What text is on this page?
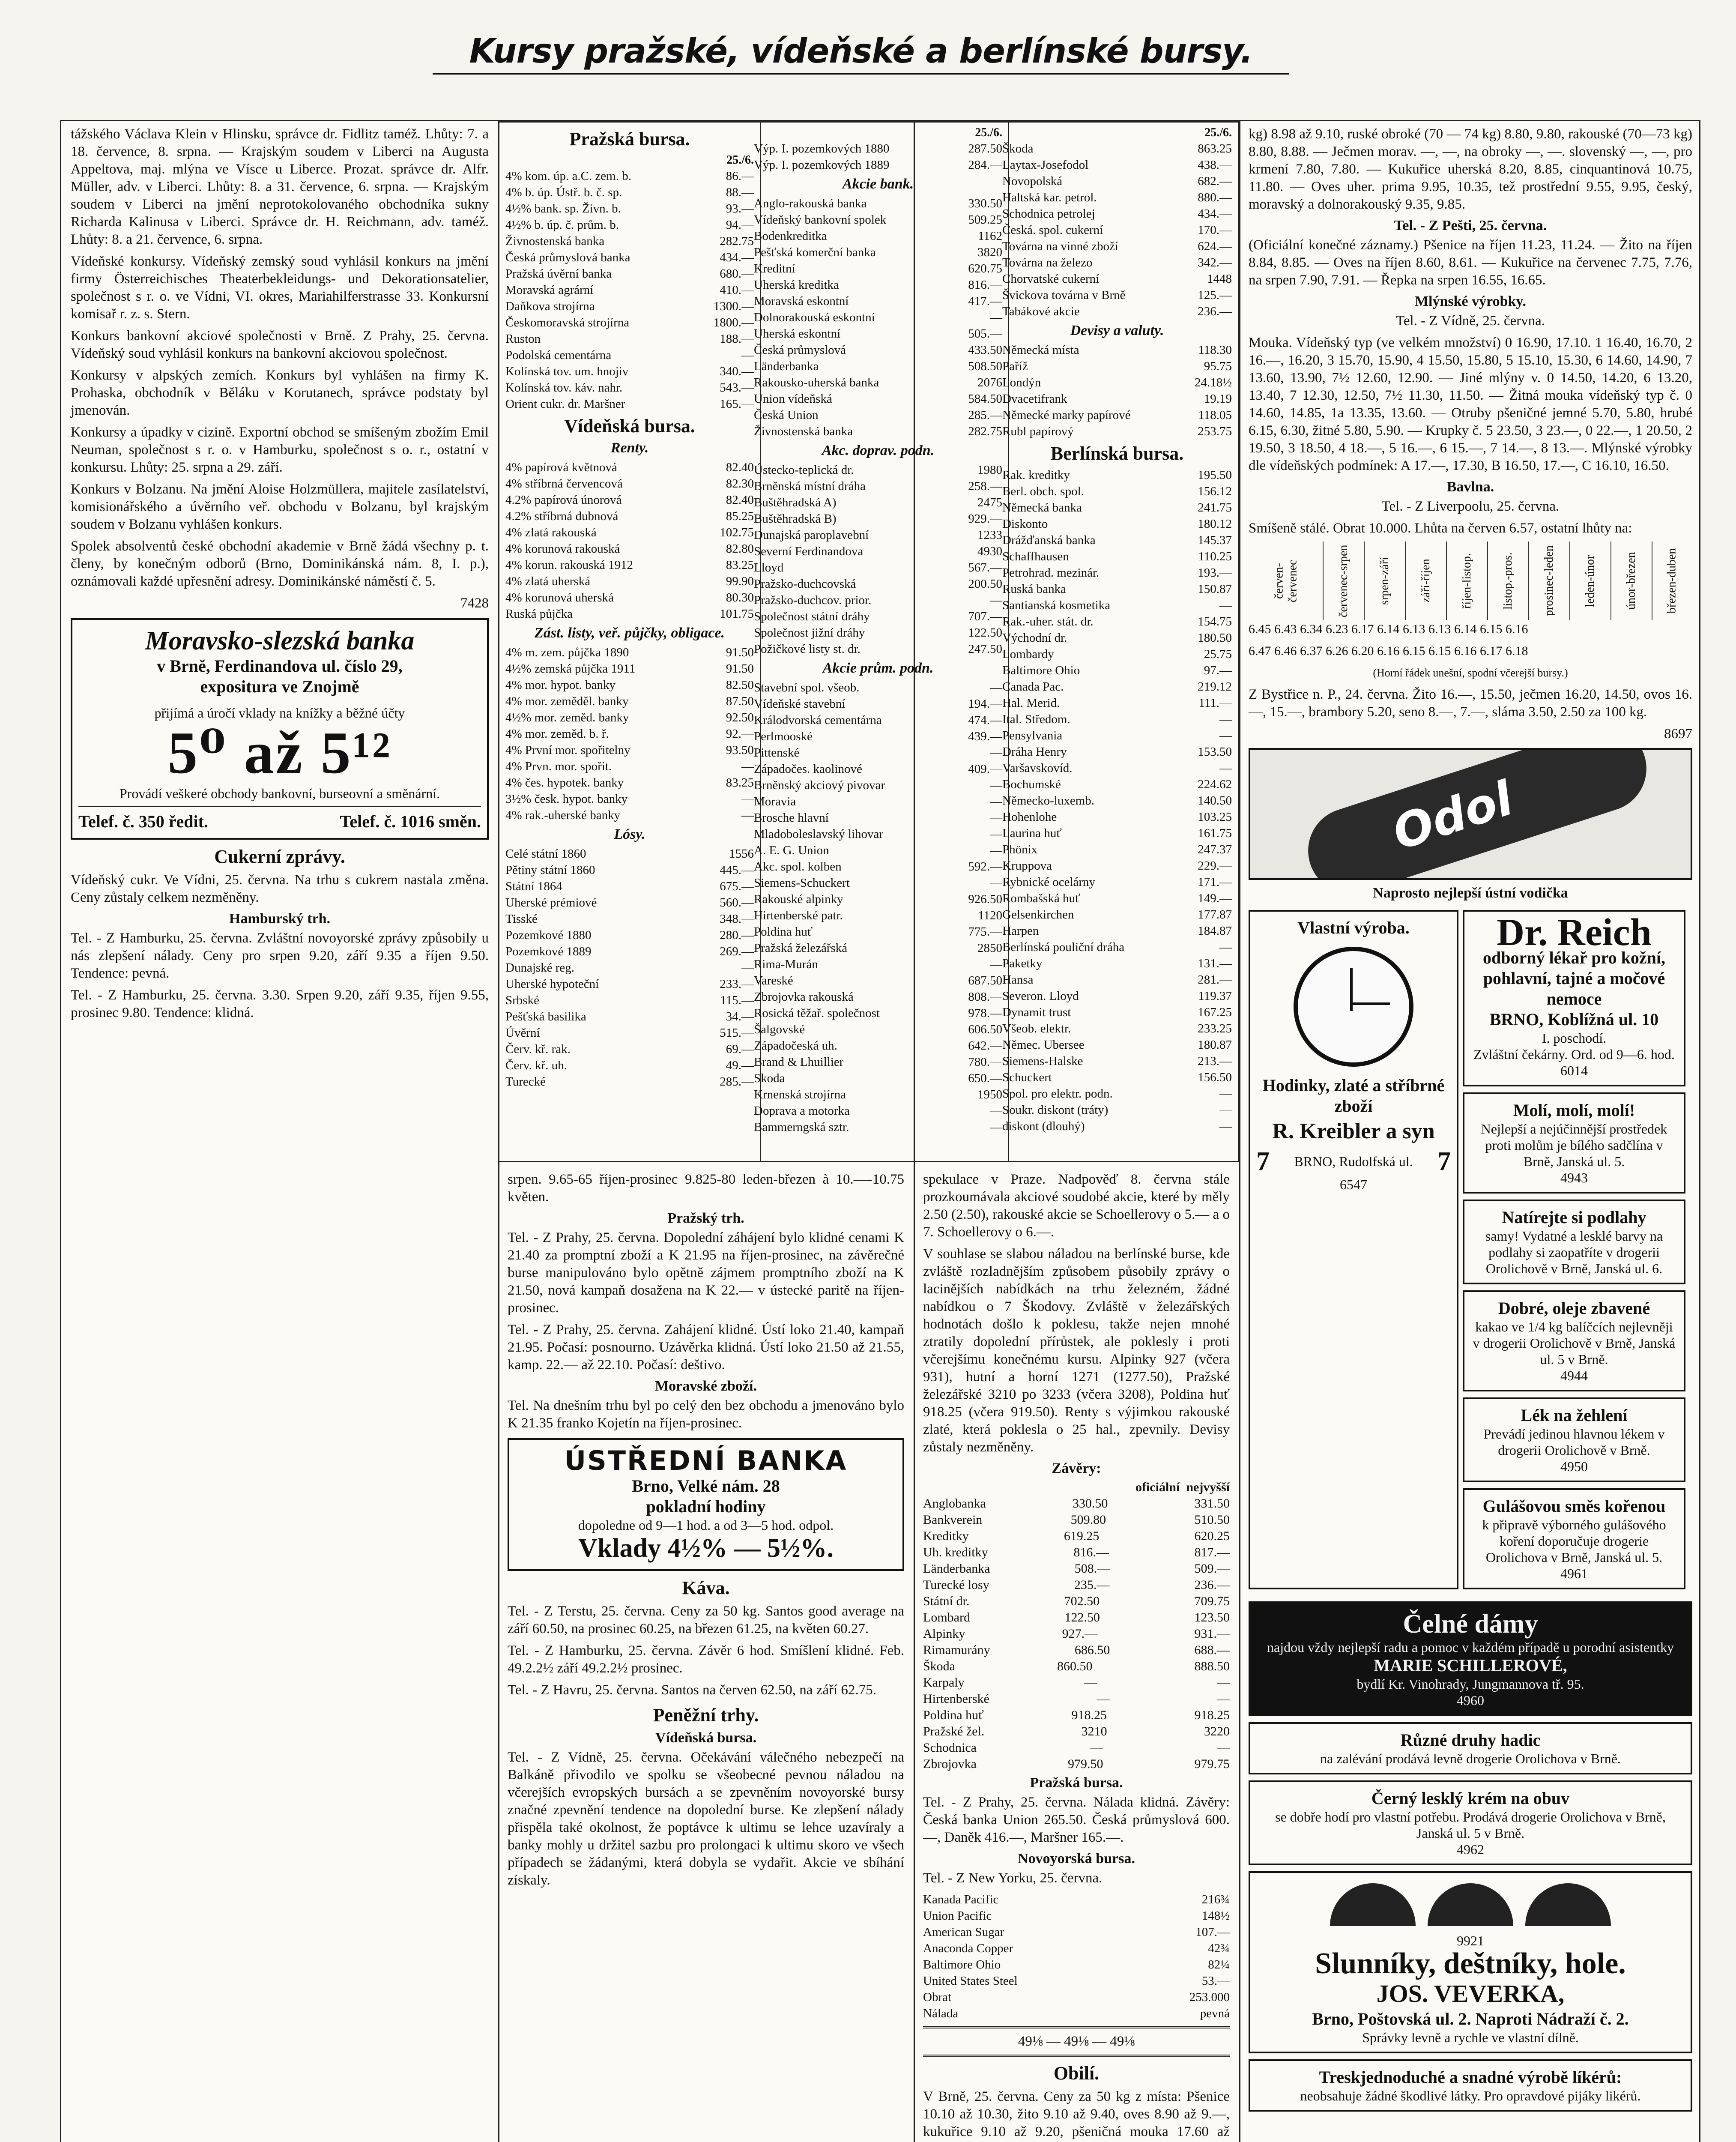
Kursy pražské, vídeňské a berlínské bursy.

tážského Václava Klein v Hlinsku, správce dr. Fidlitz taméž. Lhůty: 7. a 18. července, 8. srpna. — Krajským soudem v Liberci na Augusta Appeltova, maj. mlýna ve Vísce u Liberce. Prozat. správce dr. Alfr. Müller, adv. v Liberci. Lhůty: 8. a 31. července, 6. srpna. — Krajským soudem v Liberci na jmění neprotokolovaného obchodníka sukny Richarda Kalinusa v Liberci. Správce dr. H. Reichmann, adv. taméž. Lhůty: 8. a 21. července, 6. srpna.

Vídeňské konkursy. Vídeňský zemský soud vyhlásil konkurs na jmění firmy Österreichisches Theaterbekleidungs- und Dekorationsatelier, společnost s r. o. ve Vídni, VI. okres, Mariahilferstrasse 33. Konkursní komisař r. z. s. Stern.

Konkurs bankovní akciové společnosti v Brně. Z Prahy, 25. června. Vídeňský soud vyhlásil konkurs na bankovní akciovou společnost.

Konkursy v alpských zemích. Konkurs byl vyhlášen na firmy K. Prohaska, obchodník v Běláku v Korutanech, správce podstaty byl jmenován.

Konkursy a úpadky v cizině. Exportní obchod se smíšeným zbožím Emil Neuman, společnost s r. o. v Hamburku, společnost s o. r., ostatní v konkursu. Lhůty: 25. srpna a 29. září.

Konkurs v Bolzanu. Na jmění Aloise Holzmüllera, majitele zasílatelství, komisionářského a úvěrního veř. obchodu v Bolzanu, byl krajským soudem v Bolzanu vyhlášen konkurs.

Spolek absolventů české obchodní akademie v Brně žádá všechny p. t. členy, by konečným odborů (Brno, Dominikánská nám. 8, I. p.), oznámovali každé upřesnění adresy. Dominikánské náměstí č. 5.

7428

Moravsko-slezská banka
v Brně, Ferdinandova ul. číslo 29,
expositura ve Znojmě
přijímá a úročí vklady na knížky a běžné účty
5⁰ až 5¹²
Provádí veškeré obchody bankovní, burseovní a směnární.
Telef. č. 350 ředit.	Telef. č. 1016 směn.
Cukerní zprávy.

Vídeňský cukr. Ve Vídni, 25. června. Na trhu s cukrem nastala změna. Ceny zůstaly celkem nezměněny.

Hamburský trh.

Tel. - Z Hamburku, 25. června. Zvláštní novoyorské zprávy způsobily u nás zlepšení nálady. Ceny pro srpen 9.20, září 9.35 a říjen 9.50. Tendence: pevná.

Tel. - Z Hamburku, 25. června. 3.30. Srpen 9.20, září 9.35, říjen 9.55, prosinec 9.80. Tendence: klidná.

Pražská bursa.
25./6.
4% kom. úp. a.C. zem. b.	86.—
4% b. úp. Ústř. b. č. sp.	88.—
4½% bank. sp. Živn. b.	93.—
4½% b. úp. č. prům. b.	94.—
Živnostenská banka	282.75
Česká průmyslová banka	434.—
Pražská úvěrní banka	680.—
Moravská agrární	410.—
Daňkova strojírna	1300.—
Českomoravská strojírna	1800.—
Ruston	188.—
Podolská cementárna	—
Kolínská tov. um. hnojiv	340.—
Kolínská tov. káv. nahr.	543.—
Orient cukr. dr. Maršner	165.—
Vídeňská bursa.
Renty.
4% papírová květnová	82.40
4% stříbrná červencová	82.30
4.2% papírová únorová	82.40
4.2% stříbrná dubnová	85.25
4% zlatá rakouská	102.75
4% korunová rakouská	82.80
4% korun. rakouská 1912	83.25
4% zlatá uherská	99.90
4% korunová uherská	80.30
Ruská půjčka	101.75
Zást. listy, veř. půjčky, obligace.
4% m. zem. půjčka 1890	91.50
4½% zemská půjčka 1911	91.50
4% mor. hypot. banky	82.50
4% mor. zeměděl. banky	87.50
4½% mor. zeměd. banky	92.50
4% mor. zeměd. b. ř.	92.—
4% První mor. spořitelny	93.50
4% Prvn. mor. spořit.	—
4% čes. hypotek. banky	83.25
3½% česk. hypot. banky	—
4% rak.-uherské banky	—
Lósy.
Celé státní 1860	1556
Pětiny státní 1860	445.—
Státní 1864	675.—
Uherské prémiové	560.—
Tisské	348.—
Pozemkové 1880	280.—
Pozemkové 1889	269.—
Dunajské reg.	—
Uherské hypoteční	233.—
Srbské	115.—
Pešťská basilika	34.—
Úvěrní	515.—
Červ. kř. rak.	69.—
Červ. kř. uh.	49.—
Turecké	285.—
25./6.
Výp. I. pozemkových 1880	287.50
Výp. I. pozemkových 1889	284.—
Akcie bank.
Anglo-rakouská banka	330.50
Vídeňský bankovní spolek	509.25
Bodenkreditka	1162
Pešťská komerční banka	3820
Kreditní	620.75
Uherská kreditka	816.—
Moravská eskontní	417.—
Dolnorakouská eskontní	—
Uherská eskontní	505.—
Česká průmyslová	433.50
Länderbanka	508.50
Rakousko-uherská banka	2076
Union vídeňská	584.50
Česká Union	285.—
Živnostenská banka	282.75
Akc. doprav. podn.
Ústecko-teplická dr.	1980
Brněnská místní dráha	258.—
Buštěhradská A)	2475
Buštěhradská B)	929.—
Dunajská paroplavební	1233
Severní Ferdinandova	4930
Lloyd	567.—
Pražsko-duchcovská	200.50
Pražsko-duchcov. prior.	—
Společnost státní dráhy	707.—
Společnost jižní dráhy	122.50
Požičkové listy st. dr.	247.50
Akcie prům. podn.
Stavební spol. všeob.	—
Vídeňské stavební	194.—
Králodvorská cementárna	474.—
Perlmooské	439.—
Pittenské	—
Západočes. kaolinové	409.—
Brněnský akciový pivovar	—
Moravia	—
Brosche hlavní	—
Mladoboleslavský lihovar	—
A. E. G. Union	—
Akc. spol. kolben	592.—
Siemens-Schuckert	—
Rakouské alpinky	926.50
Hirtenberské patr.	1120
Poldina huť	775.—
Pražská železářská	2850
Rima-Murán	—
Vareské	687.50
Zbrojovka rakouská	808.—
Rosická těžař. společnost	978.—
Šalgovské	606.50
Západočeská uh.	642.—
Brand & Lhuillier	780.—
Skoda	650.—
Krnenská strojírna	1950
Doprava a motorka	—
Bammerngská sztr.	—
25./6.
Škoda	863.25
Laytax-Josefodol	438.—
Novopolská	682.—
Haltská kar. petrol.	880.—
Schodnica petrolej	434.—
Česká. spol. cukerní	170.—
Továrna na vinné zboží	624.—
Továrna na železo	342.—
Chorvatské cukerní	1448
Švickova továrna v Brně	125.—
Tabákové akcie	236.—
Devisy a valuty.
Německá místa	118.30
Paříž	95.75
Londýn	24.18½
Dvacetifrank	19.19
Německé marky papírové	118.05
Rubl papírový	253.75
Berlínská bursa.
Rak. kreditky	195.50
Berl. obch. spol.	156.12
Německá banka	241.75
Diskonto	180.12
Drážďanská banka	145.37
Schaffhausen	110.25
Petrohrad. mezinár.	193.—
Ruská banka	150.87
Santianská kosmetika	—
Rak.-uher. stát. dr.	154.75
Východní dr.	180.50
Lombardy	25.75
Baltimore Ohio	97.—
Canada Pac.	219.12
Hal. Merid.	111.—
Ital. Středom.	—
Pensylvania	—
Dráha Henry	153.50
Varšavskovíd.	—
Bochumské	224.62
Německo-luxemb.	140.50
Hohenlohe	103.25
Laurina huť	161.75
Phönix	247.37
Kruppova	229.—
Rybnické ocelárny	171.—
Rombašská huť	149.—
Gelsenkirchen	177.87
Harpen	184.87
Berlínská pouliční dráha	—
Paketky	131.—
Hansa	281.—
Severon. Lloyd	119.37
Dynamit trust	167.25
Všeob. elektr.	233.25
Němec. Ubersee	180.87
Siemens-Halske	213.—
Schuckert	156.50
Spol. pro elektr. podn.	—
Soukr. diskont (tráty)	—
diskont (dlouhý)	—

srpen. 9.65-65 říjen-prosinec 9.825-80 leden-březen à 10.—-10.75 květen.

Pražský trh.

Tel. - Z Prahy, 25. června. Dopolední záhájení bylo klidné cenami K 21.40 za promptní zboží a K 21.95 na říjen-prosinec, na závěrečné burse manipulováno bylo opětně zájmem promptního zboží na K 21.50, nová kampaň dosažena na K 22.— v ústecké paritě na říjen-prosinec.

Tel. - Z Prahy, 25. června. Zahájení klidné. Ústí loko 21.40, kampaň 21.95. Počasí: posnourno. Uzávěrka klidná. Ústí loko 21.50 až 21.55, kamp. 22.— až 22.10. Počasí: deštivo.

Moravské zboží.

Tel. Na dnešním trhu byl po celý den bez obchodu a jmenováno bylo K 21.35 franko Kojetín na říjen-prosinec.

ÚSTŘEDNÍ BANKA
Brno, Velké nám. 28
pokladní hodiny
dopoledne od 9—1 hod. a od 3—5 hod. odpol.
Vklady 4½% — 5½%.
Káva.

Tel. - Z Terstu, 25. června. Ceny za 50 kg. Santos good average na září 60.50, na prosinec 60.25, na březen 61.25, na květen 60.27.

Tel. - Z Hamburku, 25. června. Závěr 6 hod. Smíšlení klidné. Feb. 49.2.2½ září 49.2.2½ prosinec.

Tel. - Z Havru, 25. června. Santos na červen 62.50, na září 62.75.

Peněžní trhy.
Vídeňská bursa.

Tel. - Z Vídně, 25. června. Očekávání válečného nebezpečí na Balkáně přivodilo ve spolku se všeobecné pevnou náladou na včerejších evropských bursách a se zpevněním novoyorské bursy značné zpevnění tendence na dopolední burse. Ke zlepšení nálady přispěla také okolnost, že poptávce k ultimu se lehce uzavíraly a banky mohly u držitel sazbu pro prolongaci k ultimu skoro ve všech případech se žádanými, která dobyla se vydařit. Akcie ve sbíhání získaly.

spekulace v Praze. Nadpověď 8. června stále prozkoumávala akciové soudobé akcie, které by měly 2.50 (2.50), rakouské akcie se Schoellerovy o 5.— a o 7. Schoellerovy o 6.—.

V souhlase se slabou náladou na berlínské burse, kde zvláště rozladnějším způsobem působily zprávy o lacinějších nabídkách na trhu železném, žádné nabídkou o 7 Škodovy. Zvláště v železářských hodnotách došlo k poklesu, takže nejen mnohé ztratily dopolední přírůstek, ale poklesly i proti včerejšímu konečnému kursu. Alpinky 927 (včera 931), hutní a horní 1271 (1277.50), Pražské železářské 3210 po 3233 (včera 3208), Poldina huť 918.25 (včera 919.50). Renty s výjimkou rakouské zlaté, která poklesla o 25 hal., zpevnily. Devisy zůstaly nezměněny.

Závěry:
oficiální nejvyšší
Anglobanka	330.50	331.50
Bankverein	509.80	510.50
Kreditky	619.25	620.25
Uh. kreditky	816.—	817.—
Länderbanka	508.—	509.—
Turecké losy	235.—	236.—
Státní dr.	702.50	709.75
Lombard	122.50	123.50
Alpinky	927.—	931.—
Rimamurány	686.50	688.—
Škoda	860.50	888.50
Karpaly	—	—
Hirtenberské	—	—
Poldina huť	918.25	918.25
Pražské žel.	3210	3220
Schodnica	—	—
Zbrojovka	979.50	979.75
Pražská bursa.

Tel. - Z Prahy, 25. června. Nálada klidná. Závěry: Česká banka Union 265.50. Česká průmyslová 600.—, Daněk 416.—, Maršner 165.—.

Novoyorská bursa.

Tel. - Z New Yorku, 25. června.

Kanada Pacific	216¾
Union Pacific	148½
American Sugar	107.—
Anaconda Copper	42¾
Baltimore Ohio	82¼
United States Steel	53.—
Obrat	253.000
Nálada	pevná
49⅛ — 49⅛ — 49⅛
Obilí.

V Brně, 25. června. Ceny za 50 kg z místa: Pšenice 10.10 až 10.30, žito 9.10 až 9.40, oves 8.90 až 9.—, kukuřice 9.10 až 9.20, pšeničná mouka 17.60 až

kg) 8.98 až 9.10, ruské obroké (70 — 74 kg) 8.80, 9.80, rakouské (70—73 kg) 8.80, 8.88. — Ječmen morav. —, —, na obroky —, —. slovenský —, —, pro krmení 7.80, 7.80. — Kukuřice uherská 8.20, 8.85, cinquantinová 10.75, 11.80. — Oves uher. prima 9.95, 10.35, tež prostřední 9.55, 9.95, český, moravský a dolnorakouský 9.35, 9.85.

Tel. - Z Pešti, 25. června.

(Oficiální konečné záznamy.) Pšenice na říjen 11.23, 11.24. — Žito na říjen 8.84, 8.85. — Oves na říjen 8.60, 8.61. — Kukuřice na červenec 7.75, 7.76, na srpen 7.90, 7.91. — Řepka na srpen 16.55, 16.65.

Mlýnské výrobky.
Tel. - Z Vídně, 25. června.

Mouka. Vídeňský typ (ve velkém množství) 0 16.90, 17.10. 1 16.40, 16.70, 2 16.—, 16.20, 3 15.70, 15.90, 4 15.50, 15.80, 5 15.10, 15.30, 6 14.60, 14.90, 7 13.60, 13.90, 7½ 12.60, 12.90. — Jiné mlýny v. 0 14.50, 14.20, 6 13.20, 13.40, 7 12.30, 12.50, 7½ 11.30, 11.50. — Žitná mouka vídeňský typ č. 0 14.60, 14.85, 1a 13.35, 13.60. — Otruby pšeničné jemné 5.70, 5.80, hrubé 6.15, 6.30, žitné 5.80, 5.90. — Krupky č. 5 23.50, 3 23.—, 0 22.—, 1 20.50, 2 19.50, 3 18.50, 4 18.—, 5 16.—, 6 15.—, 7 14.—, 8 13.—. Mlýnské výrobky dle vídeňských podmínek: A 17.—, 17.30, B 16.50, 17.—, C 16.10, 16.50.

Bavlna.
Tel. - Z Liverpoolu, 25. června.

Smíšeně stálé. Obrat 10.000. Lhůta na červen 6.57, ostatní lhůty na:

červen-červenec	červenec-srpen	srpen-září	září-říjen	říjen-listop.	listop.-pros.	prosinec-leden	leden-únor	únor-březen	březen-duben
6.45 6.43 6.34 6.23 6.17 6.14 6.13 6.13 6.14 6.15 6.16
6.47 6.46 6.37 6.26 6.20 6.16 6.15 6.15 6.16 6.17 6.18
(Horní řádek unešní, spodní včerejší bursy.)

Z Bystřice n. P., 24. června. Žito 16.—, 15.50, ječmen 16.20, 14.50, ovos 16.—, 15.—, brambory 5.20, seno 8.—, 7.—, sláma 3.50, 2.50 za 100 kg.

8697
Odol
Naprosto nejlepší ústní vodička
Vlastní výroba.
Hodinky, zlaté a stříbrné zboží
R. Kreibler a syn
7 BRNO, Rudolfská ul. 7
6547
Dr. Reich
odborný lékař pro kožní, pohlavní, tajné a močové nemoce
BRNO, Koblížná ul. 10
I. poschodí.
Zvláštní čekárny. Ord. od 9—6. hod.
6014
Molí, molí, molí!
Nejlepší a nejúčinnější prostředek proti molům je bílého sadčlína v Brně, Janská ul. 5.
4943
Natírejte si podlahy
samy! Vydatné a lesklé barvy na podlahy si zaopatříte v drogerii Orolichově v Brně, Janská ul. 6.
Dobré, oleje zbavené
kakao ve 1/4 kg balíčcích nejlevněji v drogerii Orolichově v Brně, Janská ul. 5 v Brně.
4944
Lék na žehlení
Prevádí jedinou hlavnou lékem v drogerii Orolichově v Brně.
4950
Gulášovou směs kořenou
k připravě výborného gulášového koření doporučuje drogerie Orolichova v Brně, Janská ul. 5.
4961
Čelné dámy
najdou vždy nejlepší radu a pomoc v každém případě u porodní asistentky
MARIE SCHILLEROVÉ,
bydlí Kr. Vinohrady, Jungmannova tř. 95.
4960
Různé druhy hadic
na zalévání prodává levně drogerie Orolichova v Brně.
Černý lesklý krém na obuv
se dobře hodí pro vlastní potřebu. Prodává drogerie Orolichova v Brně, Janská ul. 5 v Brně.
4962

9921
Slunníky, deštníky, hole.
JOS. VEVERKA,
Brno, Poštovská ul. 2. Naproti Nádraží č. 2.
Správky levně a rychle ve vlastní dílně.
Treskjednoduché a snadné výrobě líkérů:
neobsahuje žádné škodlivé látky. Pro opravdové pijáky likérů.
